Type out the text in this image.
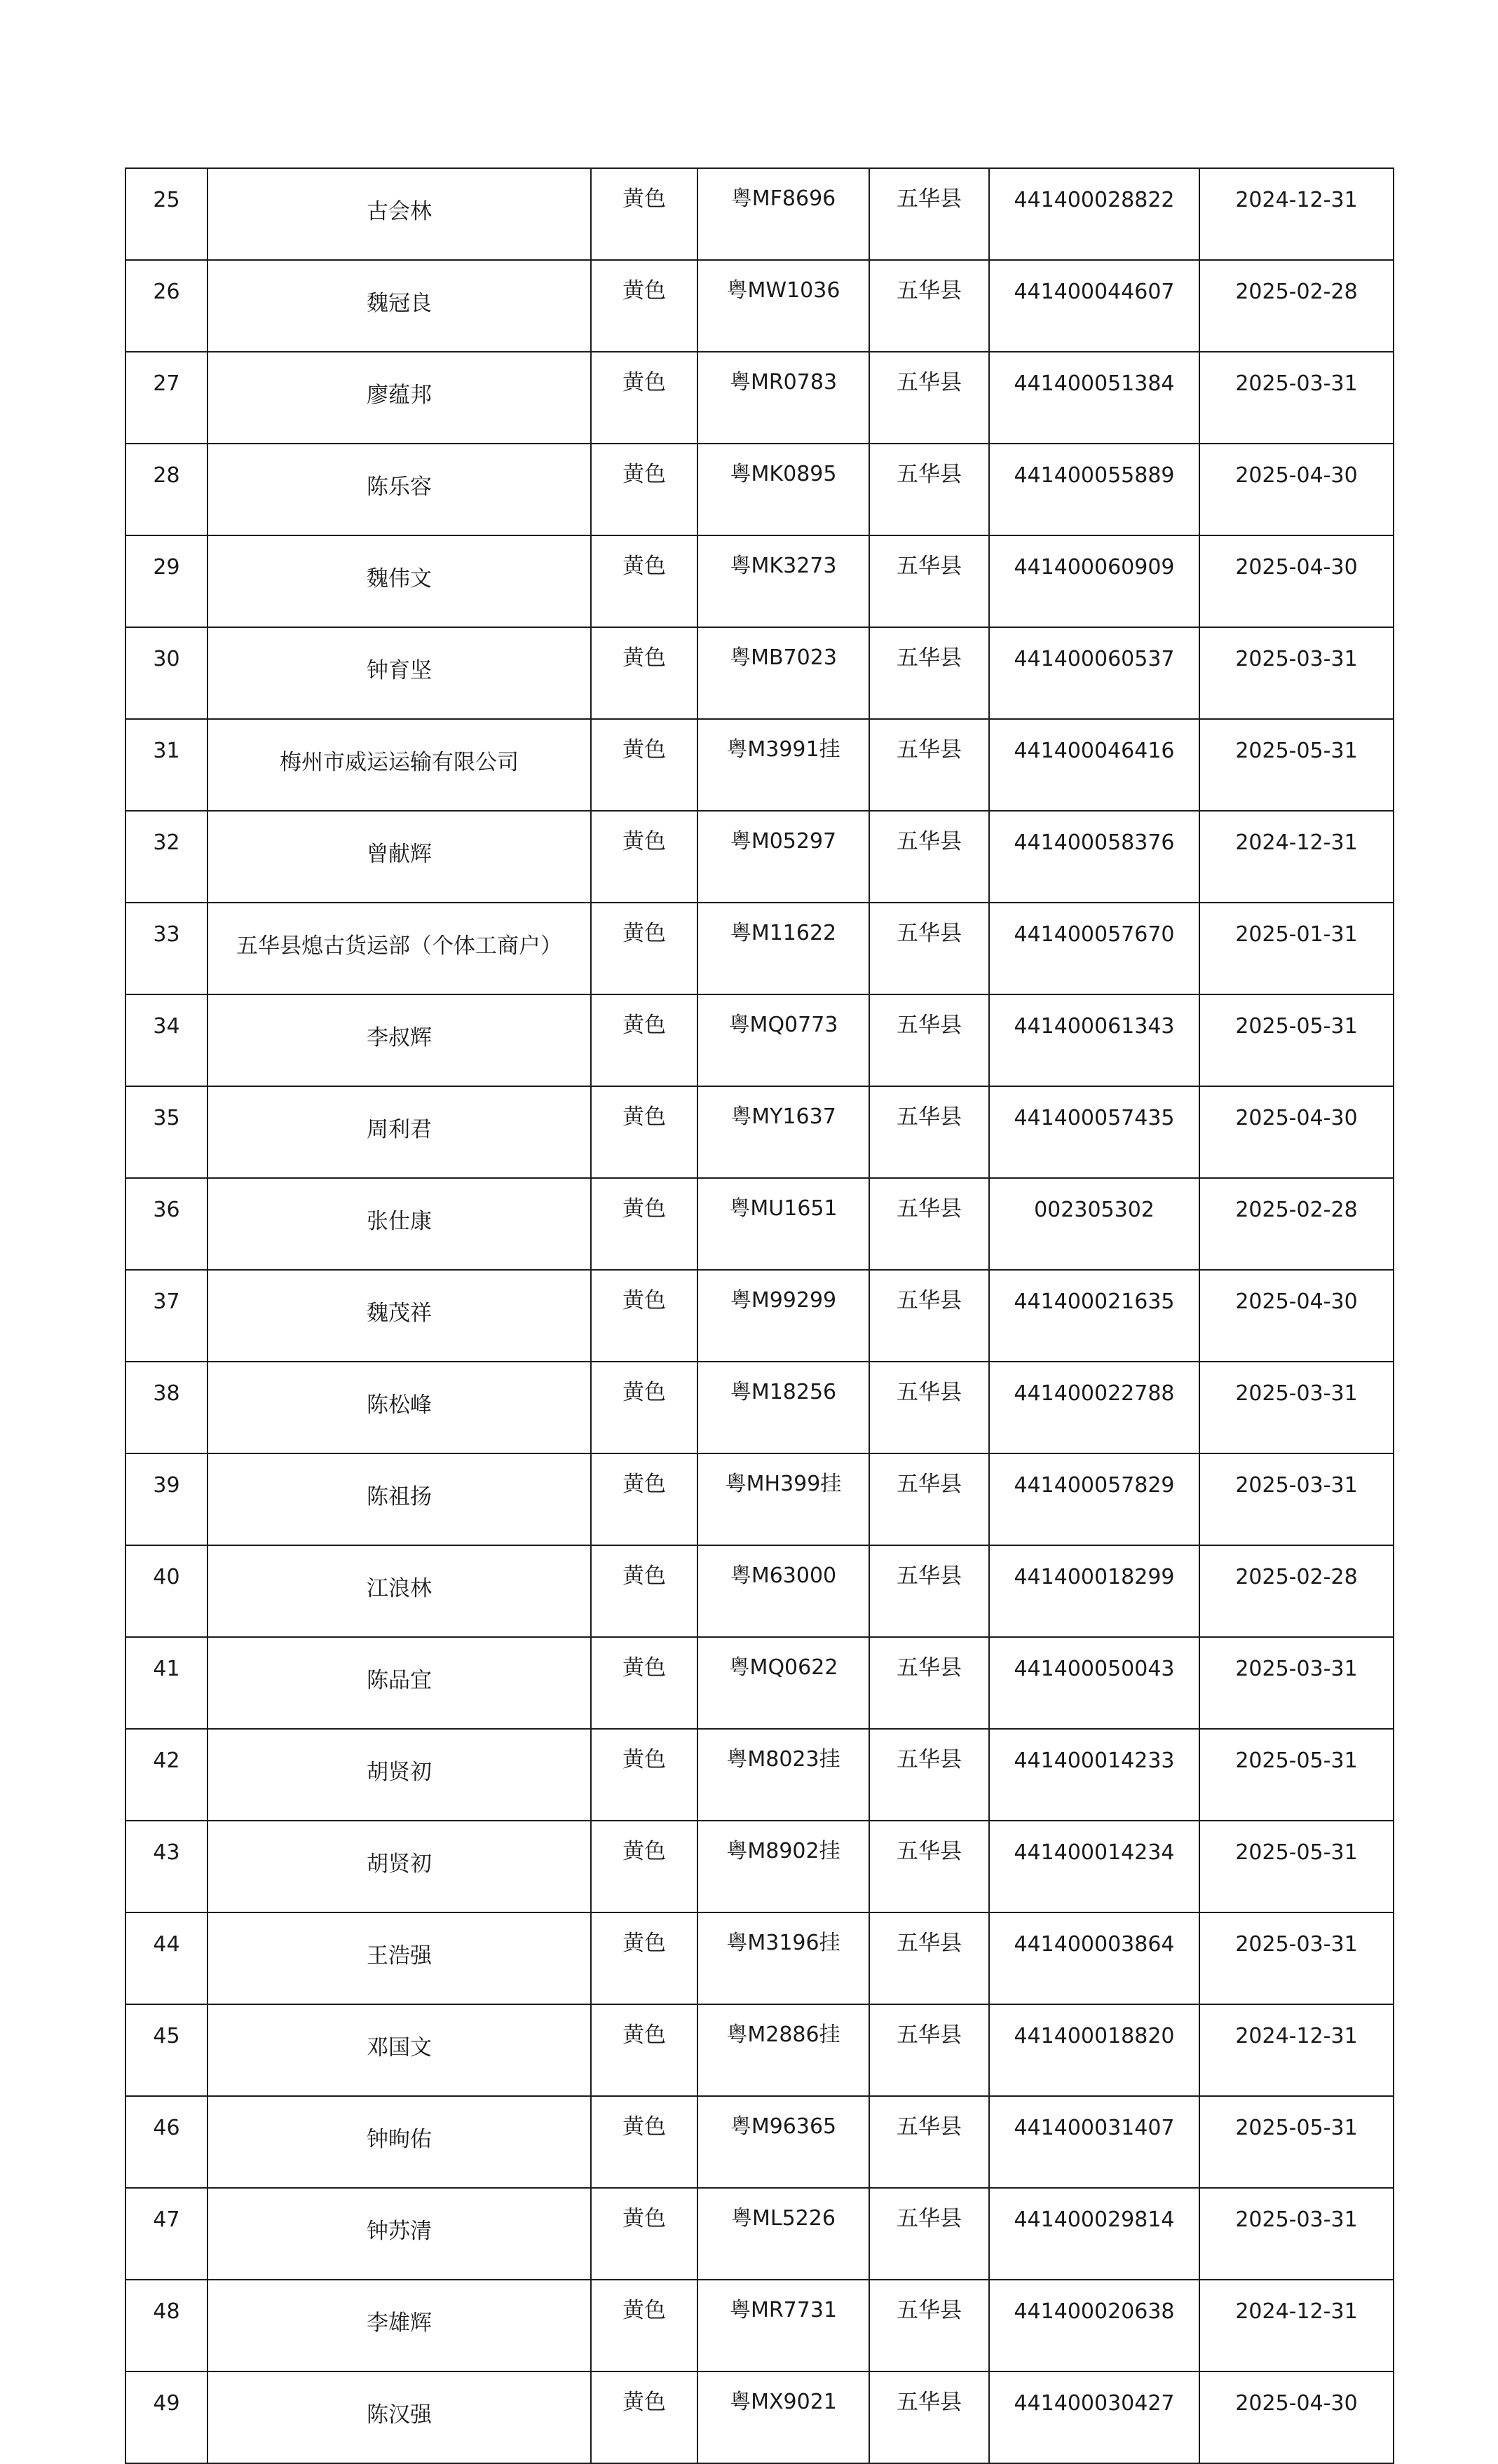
25	古会林	黄色	粤MF8696	五华县	441400028822	2024-12-31
26	魏冠良	黄色	粤MW1036	五华县	441400044607	2025-02-28
27	廖蕴邦	黄色	粤MR0783	五华县	441400051384	2025-03-31
28	陈乐容	黄色	粤MK0895	五华县	441400055889	2025-04-30
29	魏伟文	黄色	粤MK3273	五华县	441400060909	2025-04-30
30	钟育坚	黄色	粤MB7023	五华县	441400060537	2025-03-31
31	梅州市威运运输有限公司	黄色	粤M3991挂	五华县	441400046416	2025-05-31
32	曾献辉	黄色	粤M05297	五华县	441400058376	2024-12-31
33	五华县熄古货运部（个体工商户）	黄色	粤M11622	五华县	441400057670	2025-01-31
34	李叔辉	黄色	粤MQ0773	五华县	441400061343	2025-05-31
35	周利君	黄色	粤MY1637	五华县	441400057435	2025-04-30
36	张仕康	黄色	粤MU1651	五华县	002305302	2025-02-28
37	魏茂祥	黄色	粤M99299	五华县	441400021635	2025-04-30
38	陈松峰	黄色	粤M18256	五华县	441400022788	2025-03-31
39	陈祖扬	黄色	粤MH399挂	五华县	441400057829	2025-03-31
40	江浪林	黄色	粤M63000	五华县	441400018299	2025-02-28
41	陈品宜	黄色	粤MQ0622	五华县	441400050043	2025-03-31
42	胡贤初	黄色	粤M8023挂	五华县	441400014233	2025-05-31
43	胡贤初	黄色	粤M8902挂	五华县	441400014234	2025-05-31
44	王浩强	黄色	粤M3196挂	五华县	441400003864	2025-03-31
45	邓国文	黄色	粤M2886挂	五华县	441400018820	2024-12-31
46	钟昫佑	黄色	粤M96365	五华县	441400031407	2025-05-31
47	钟苏清	黄色	粤ML5226	五华县	441400029814	2025-03-31
48	李雄辉	黄色	粤MR7731	五华县	441400020638	2024-12-31
49	陈汉强	黄色	粤MX9021	五华县	441400030427	2025-04-30
